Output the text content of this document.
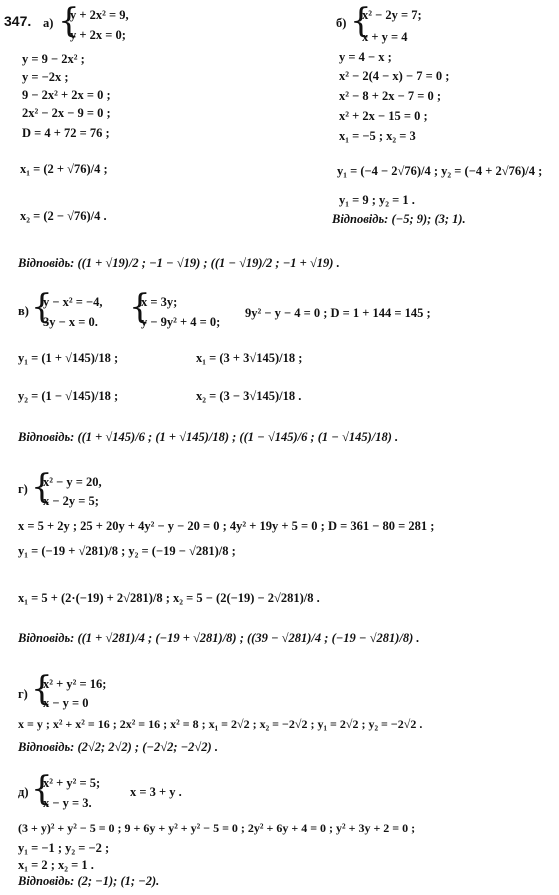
347. а) {
y + 2x² = 9,
y + 2x = 0;
y = 9 − 2x² ;
y = −2x ;
9 − 2x² + 2x = 0 ;
2x² − 2x − 9 = 0 ;
D = 4 + 72 = 76 ;
x₁ = (2 + √76)/4 ;
x₂ = (2 − √76)/4 .
Відповідь: ((1 + √19)/2 ; −1 − √19) ; ((1 − √19)/2 ; −1 + √19) .
б) {
x² − 2y = 7;
x + y = 4
y = 4 − x ;
x² − 2(4 − x) − 7 = 0 ;
x² − 8 + 2x − 7 = 0 ;
x² + 2x − 15 = 0 ;
x₁ = −5 ; x₂ = 3
y₁ = (−4 − 2√76)/4 ; y₂ = (−4 + 2√76)/4 ;
y₁ = 9 ; y₂ = 1 .
Відповідь: (−5; 9); (3; 1).
в) {
y − x² = −4,
3y − x = 0. {
x = 3y;
y − 9y² + 4 = 0;
9y² − y − 4 = 0 ; D = 1 + 144 = 145 ;
y₁ = (1 + √145)/18 ;	x₁ = (3 + 3√145)/18 ;
y₂ = (1 − √145)/18 ;	x₂ = (3 − 3√145)/18 .
Відповідь: ((1 + √145)/6 ; (1 + √145)/18) ; ((1 − √145)/6 ; (1 − √145)/18) .
г) {
x² − y = 20,
x − 2y = 5;
x = 5 + 2y ; 25 + 20y + 4y² − y − 20 = 0 ; 4y² + 19y + 5 = 0 ; D = 361 − 80 = 281 ;
y₁ = (−19 + √281)/8 ; y₂ = (−19 − √281)/8 ;
x₁ = 5 + (2·(−19) + 2√281)/8 ; x₂ = 5 − (2(−19) − 2√281)/8 .
Відповідь: ((1 + √281)/4 ; (−19 + √281)/8) ; ((39 − √281)/4 ; (−19 − √281)/8) .
г) {
x² + y² = 16;
x − y = 0
x = y ; x² + x² = 16 ; 2x² = 16 ; x² = 8 ; x₁ = 2√2 ; x₂ = −2√2 ; y₁ = 2√2 ; y₂ = −2√2 .
Відповідь: (2√2; 2√2) ; (−2√2; −2√2) .
д) {
x² + y² = 5;
x − y = 3.
x = 3 + y .
(3 + y)² + y² − 5 = 0 ; 9 + 6y + y² + y² − 5 = 0 ; 2y² + 6y + 4 = 0 ; y² + 3y + 2 = 0 ;
y₁ = −1 ; y₂ = −2 ;
x₁ = 2 ; x₂ = 1 .
Відповідь: (2; −1); (1; −2).
